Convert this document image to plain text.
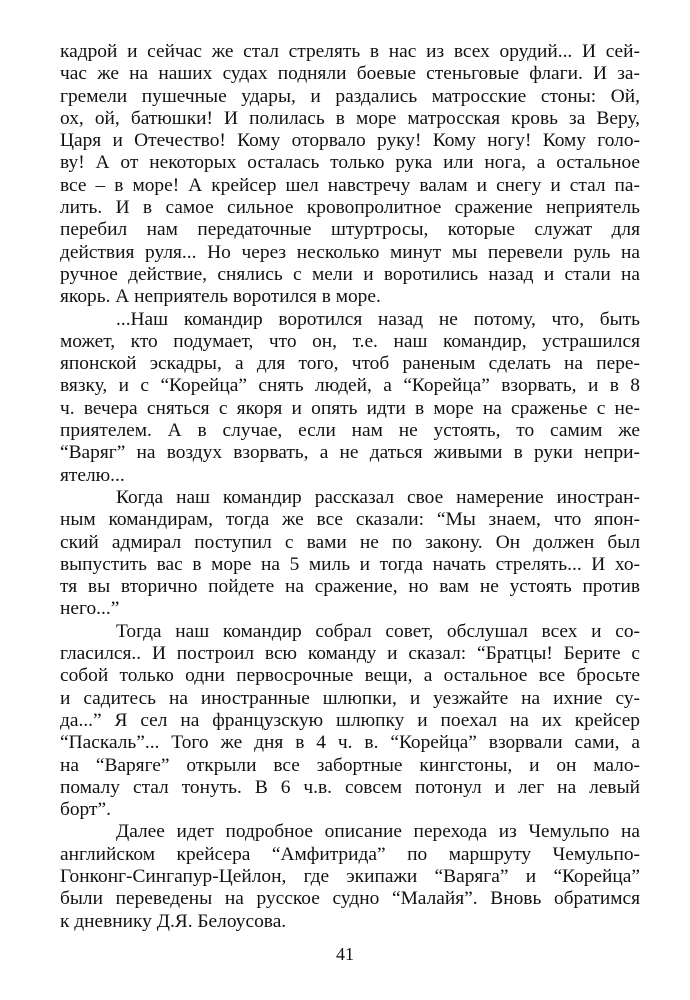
кадрой и сейчас же стал стрелять в нас из всех орудий... И сей-
час же на наших судах подняли боевые стеньговые флаги. И за-
гремели пушечные удары, и раздались матросские стоны: Ой,
ох, ой, батюшки! И полилась в море матросская кровь за Веру,
Царя и Отечество! Кому оторвало руку! Кому ногу! Кому голо-
ву! А от некоторых осталась только рука или нога, а остальное
все – в море! А крейсер шел навстречу валам и снегу и стал па-
лить. И в самое сильное кровопролитное сражение неприятель
перебил нам передаточные штуртросы, которые служат для
действия руля... Но через несколько минут мы перевели руль на
ручное действие, снялись с мели и воротились назад и стали на
якорь. А неприятель воротился в море.
...Наш командир воротился назад не потому, что, быть
может, кто подумает, что он, т.е. наш командир, устрашился
японской эскадры, а для того, чтоб раненым сделать на пере-
вязку, и с “Корейца” снять людей, а “Корейца” взорвать, и в 8
ч. вечера сняться с якоря и опять идти в море на сраженье с не-
приятелем. А в случае, если нам не устоять, то самим же
“Варяг” на воздух взорвать, а не даться живыми в руки непри-
ятелю...
Когда наш командир рассказал свое намерение иностран-
ным командирам, тогда же все сказали: “Мы знаем, что япон-
ский адмирал поступил с вами не по закону. Он должен был
выпустить вас в море на 5 миль и тогда начать стрелять... И хо-
тя вы вторично пойдете на сражение, но вам не устоять против
него...”
Тогда наш командир собрал совет, обслушал всех и со-
гласился.. И построил всю команду и сказал: “Братцы! Берите с
собой только одни первосрочные вещи, а остальное все бросьте
и садитесь на иностранные шлюпки, и уезжайте на ихние су-
да...” Я сел на французскую шлюпку и поехал на их крейсер
“Паскаль”... Того же дня в 4 ч. в. “Корейца” взорвали сами, а
на “Варяге” открыли все забортные кингстоны, и он мало-
помалу стал тонуть. В 6 ч.в. совсем потонул и лег на левый
борт”.
Далее идет подробное описание перехода из Чемульпо на
английском крейсера “Амфитрида” по маршруту Чемульпо-
Гонконг-Сингапур-Цейлон, где экипажи “Варяга” и “Корейца”
были переведены на русское судно “Малайя”. Вновь обратимся
к дневнику Д.Я. Белоусова.
41
